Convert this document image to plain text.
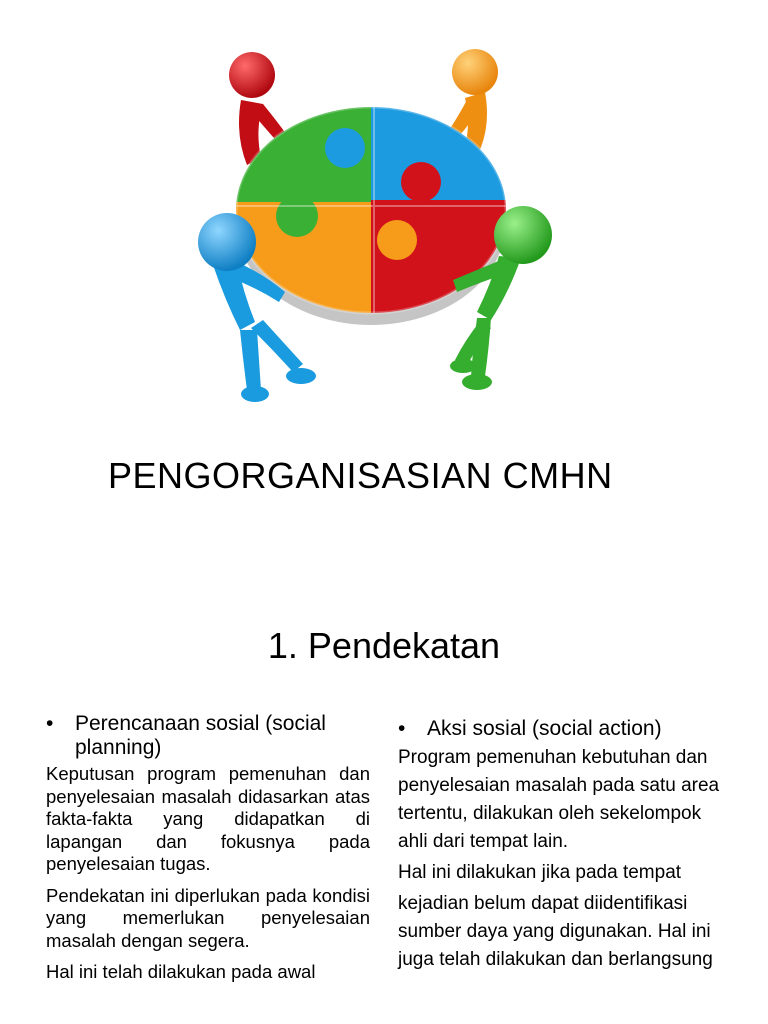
PENGORGANISASIAN CMHN
1. Pendekatan
• Perencanaan sosial (social planning)
Keputusan program pemenuhan dan penyelesaian masalah didasarkan atas fakta-fakta yang didapatkan di lapangan dan fokusnya pada penyelesaian tugas.
Pendekatan ini diperlukan pada kondisi yang memerlukan penyelesaian masalah dengan segera.
Hal ini telah dilakukan pada awal
• Aksi sosial (social action)
Program pemenuhan kebutuhan dan penyelesaian masalah pada satu area tertentu, dilakukan oleh sekelompok ahli dari tempat lain.
Hal ini dilakukan jika pada tempat
kejadian belum dapat diidentifikasi sumber daya yang digunakan. Hal ini juga telah dilakukan dan berlangsung
